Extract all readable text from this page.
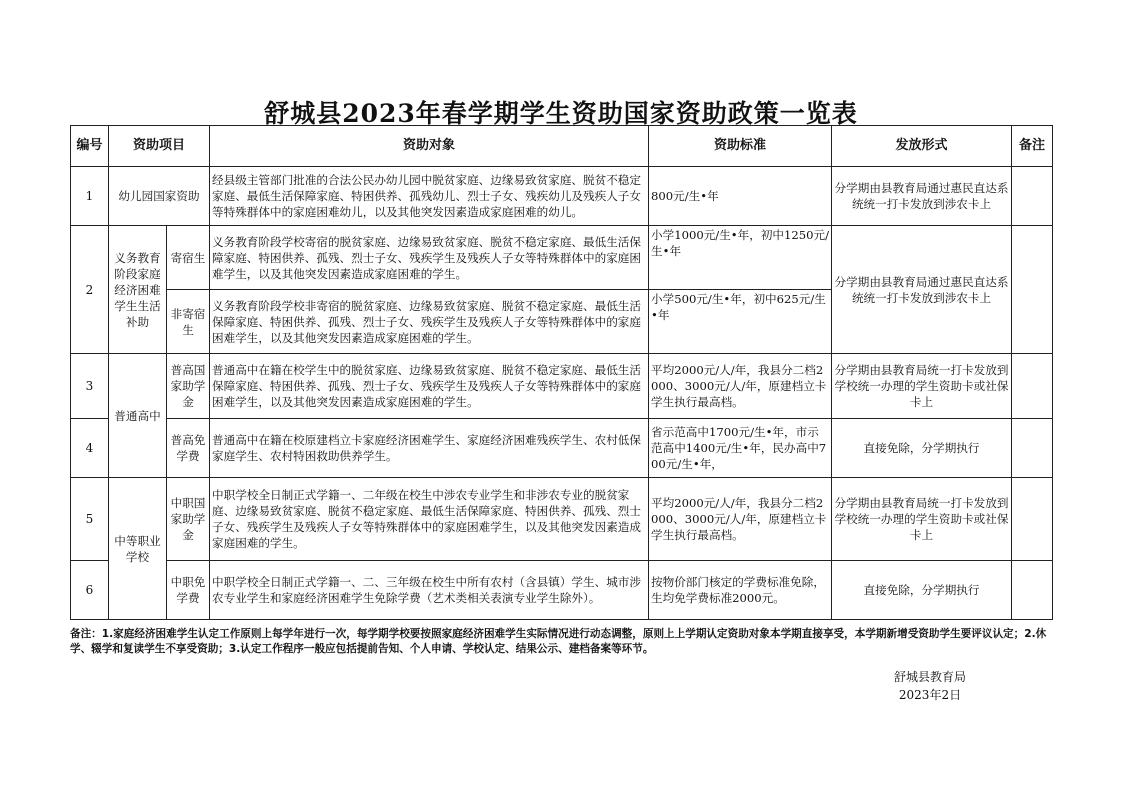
舒城县2023年春学期学生资助国家资助政策一览表
编号	资助项目		资助对象	资助标准	发放形式	备注
1	幼儿园国家资助		经县级主管部门批准的合法公民办幼儿园中脱贫家庭、边缘易致贫家庭、脱贫不稳定家庭、最低生活保障家庭、特困供养、孤残幼儿、烈士子女、残疾幼儿及残疾人子女等特殊群体中的家庭困难幼儿，以及其他突发因素造成家庭困难的幼儿。	800元/生•年	分学期由县教育局通过惠民直达系统统一打卡发放到涉农卡上	
2	义务教育阶段家庭经济困难学生生活补助	寄宿生	义务教育阶段学校寄宿的脱贫家庭、边缘易致贫家庭、脱贫不稳定家庭、最低生活保障家庭、特困供养、孤残、烈士子女、残疾学生及残疾人子女等特殊群体中的家庭困难学生，以及其他突发因素造成家庭困难的学生。	小学1000元/生•年，初中1250元/生•年	分学期由县教育局通过惠民直达系统统一打卡发放到涉农卡上	
		非寄宿生	义务教育阶段学校非寄宿的脱贫家庭、边缘易致贫家庭、脱贫不稳定家庭、最低生活保障家庭、特困供养、孤残、烈士子女、残疾学生及残疾人子女等特殊群体中的家庭困难学生，以及其他突发因素造成家庭困难的学生。	小学500元/生•年，初中625元/生•年		
3	普通高中	普高国家助学金	普通高中在籍在校学生中的脱贫家庭、边缘易致贫家庭、脱贫不稳定家庭、最低生活保障家庭、特困供养、孤残、烈士子女、残疾学生及残疾人子女等特殊群体中的家庭困难学生，以及其他突发因素造成家庭困难的学生。	平均2000元/人/年，我县分二档2000、3000元/人/年，原建档立卡学生执行最高档。	分学期由县教育局统一打卡发放到学校统一办理的学生资助卡或社保卡上	
4		普高免学费	普通高中在籍在校原建档立卡家庭经济困难学生、家庭经济困难残疾学生、农村低保家庭学生、农村特困救助供养学生。	省示范高中1700元/生•年，市示范高中1400元/生•年，民办高中700元/生•年，	直接免除，分学期执行	
5	中等职业学校	中职国家助学金	中职学校全日制正式学籍一、二年级在校生中涉农专业学生和非涉农专业的脱贫家庭、边缘易致贫家庭、脱贫不稳定家庭、最低生活保障家庭、特困供养、孤残、烈士子女、残疾学生及残疾人子女等特殊群体中的家庭困难学生，以及其他突发因素造成家庭困难的学生。	平均2000元/人/年，我县分二档2000、3000元/人/年，原建档立卡学生执行最高档。	分学期由县教育局统一打卡发放到学校统一办理的学生资助卡或社保卡上	
6		中职免学费	中职学校全日制正式学籍一、二、三年级在校生中所有农村（含县镇）学生、城市涉农专业学生和家庭经济困难学生免除学费（艺术类相关表演专业学生除外）。	按物价部门核定的学费标准免除，生均免学费标准2000元。	直接免除，分学期执行	
备注：1.家庭经济困难学生认定工作原则上每学年进行一次，每学期学校要按照家庭经济困难学生实际情况进行动态调整，原则上上学期认定资助对象本学期直接享受，本学期新增受资助学生要评议认定；2.休学、辍学和复读学生不享受资助；3.认定工作程序一般应包括提前告知、个人申请、学校认定、结果公示、建档备案等环节。
舒城县教育局
2023年2日
